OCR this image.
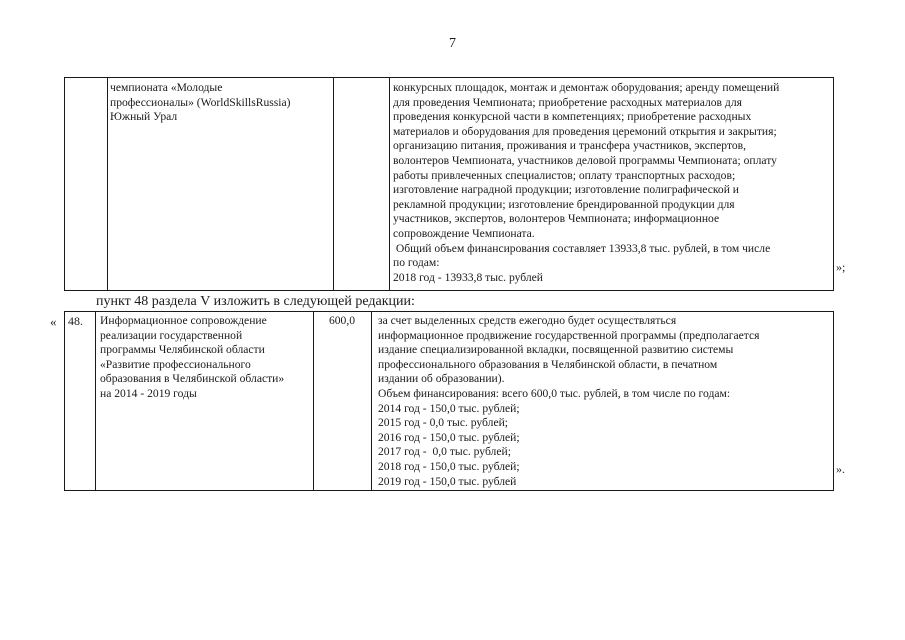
7
чемпионата «Молодые
профессионалы» (WorldSkillsRussia)
Южный Урал
конкурсных площадок, монтаж и демонтаж оборудования; аренду помещений
для проведения Чемпионата; приобретение расходных материалов для
проведения конкурсной части в компетенциях; приобретение расходных
материалов и оборудования для проведения церемоний открытия и закрытия;
организацию питания, проживания и трансфера участников, экспертов,
волонтеров Чемпионата, участников деловой программы Чемпионата; оплату
работы привлеченных специалистов; оплату транспортных расходов;
изготовление наградной продукции; изготовление полиграфической и
рекламной продукции; изготовление брендированной продукции для
участников, экспертов, волонтеров Чемпионата; информационное
сопровождение Чемпионата.
Общий объем финансирования составляет 13933,8 тыс. рублей, в том числе
по годам:
2018 год - 13933,8 тыс. рублей
»;
пункт 48 раздела V изложить в следующей редакции:
« 48.	Информационное сопровождение
реализации государственной
программы Челябинской области
«Развитие профессионального
образования в Челябинской области»
на 2014 - 2019 годы
600,0	за счет выделенных средств ежегодно будет осуществляться
информационное продвижение государственной программы (предполагается
издание специализированной вкладки, посвященной развитию системы
профессионального образования в Челябинской области, в печатном
издании об образовании).
Объем финансирования: всего 600,0 тыс. рублей, в том числе по годам:
2014 год - 150,0 тыс. рублей;
2015 год - 0,0 тыс. рублей;
2016 год - 150,0 тыс. рублей;
2017 год -  0,0 тыс. рублей;
2018 год - 150,0 тыс. рублей;
2019 год - 150,0 тыс. рублей
».
